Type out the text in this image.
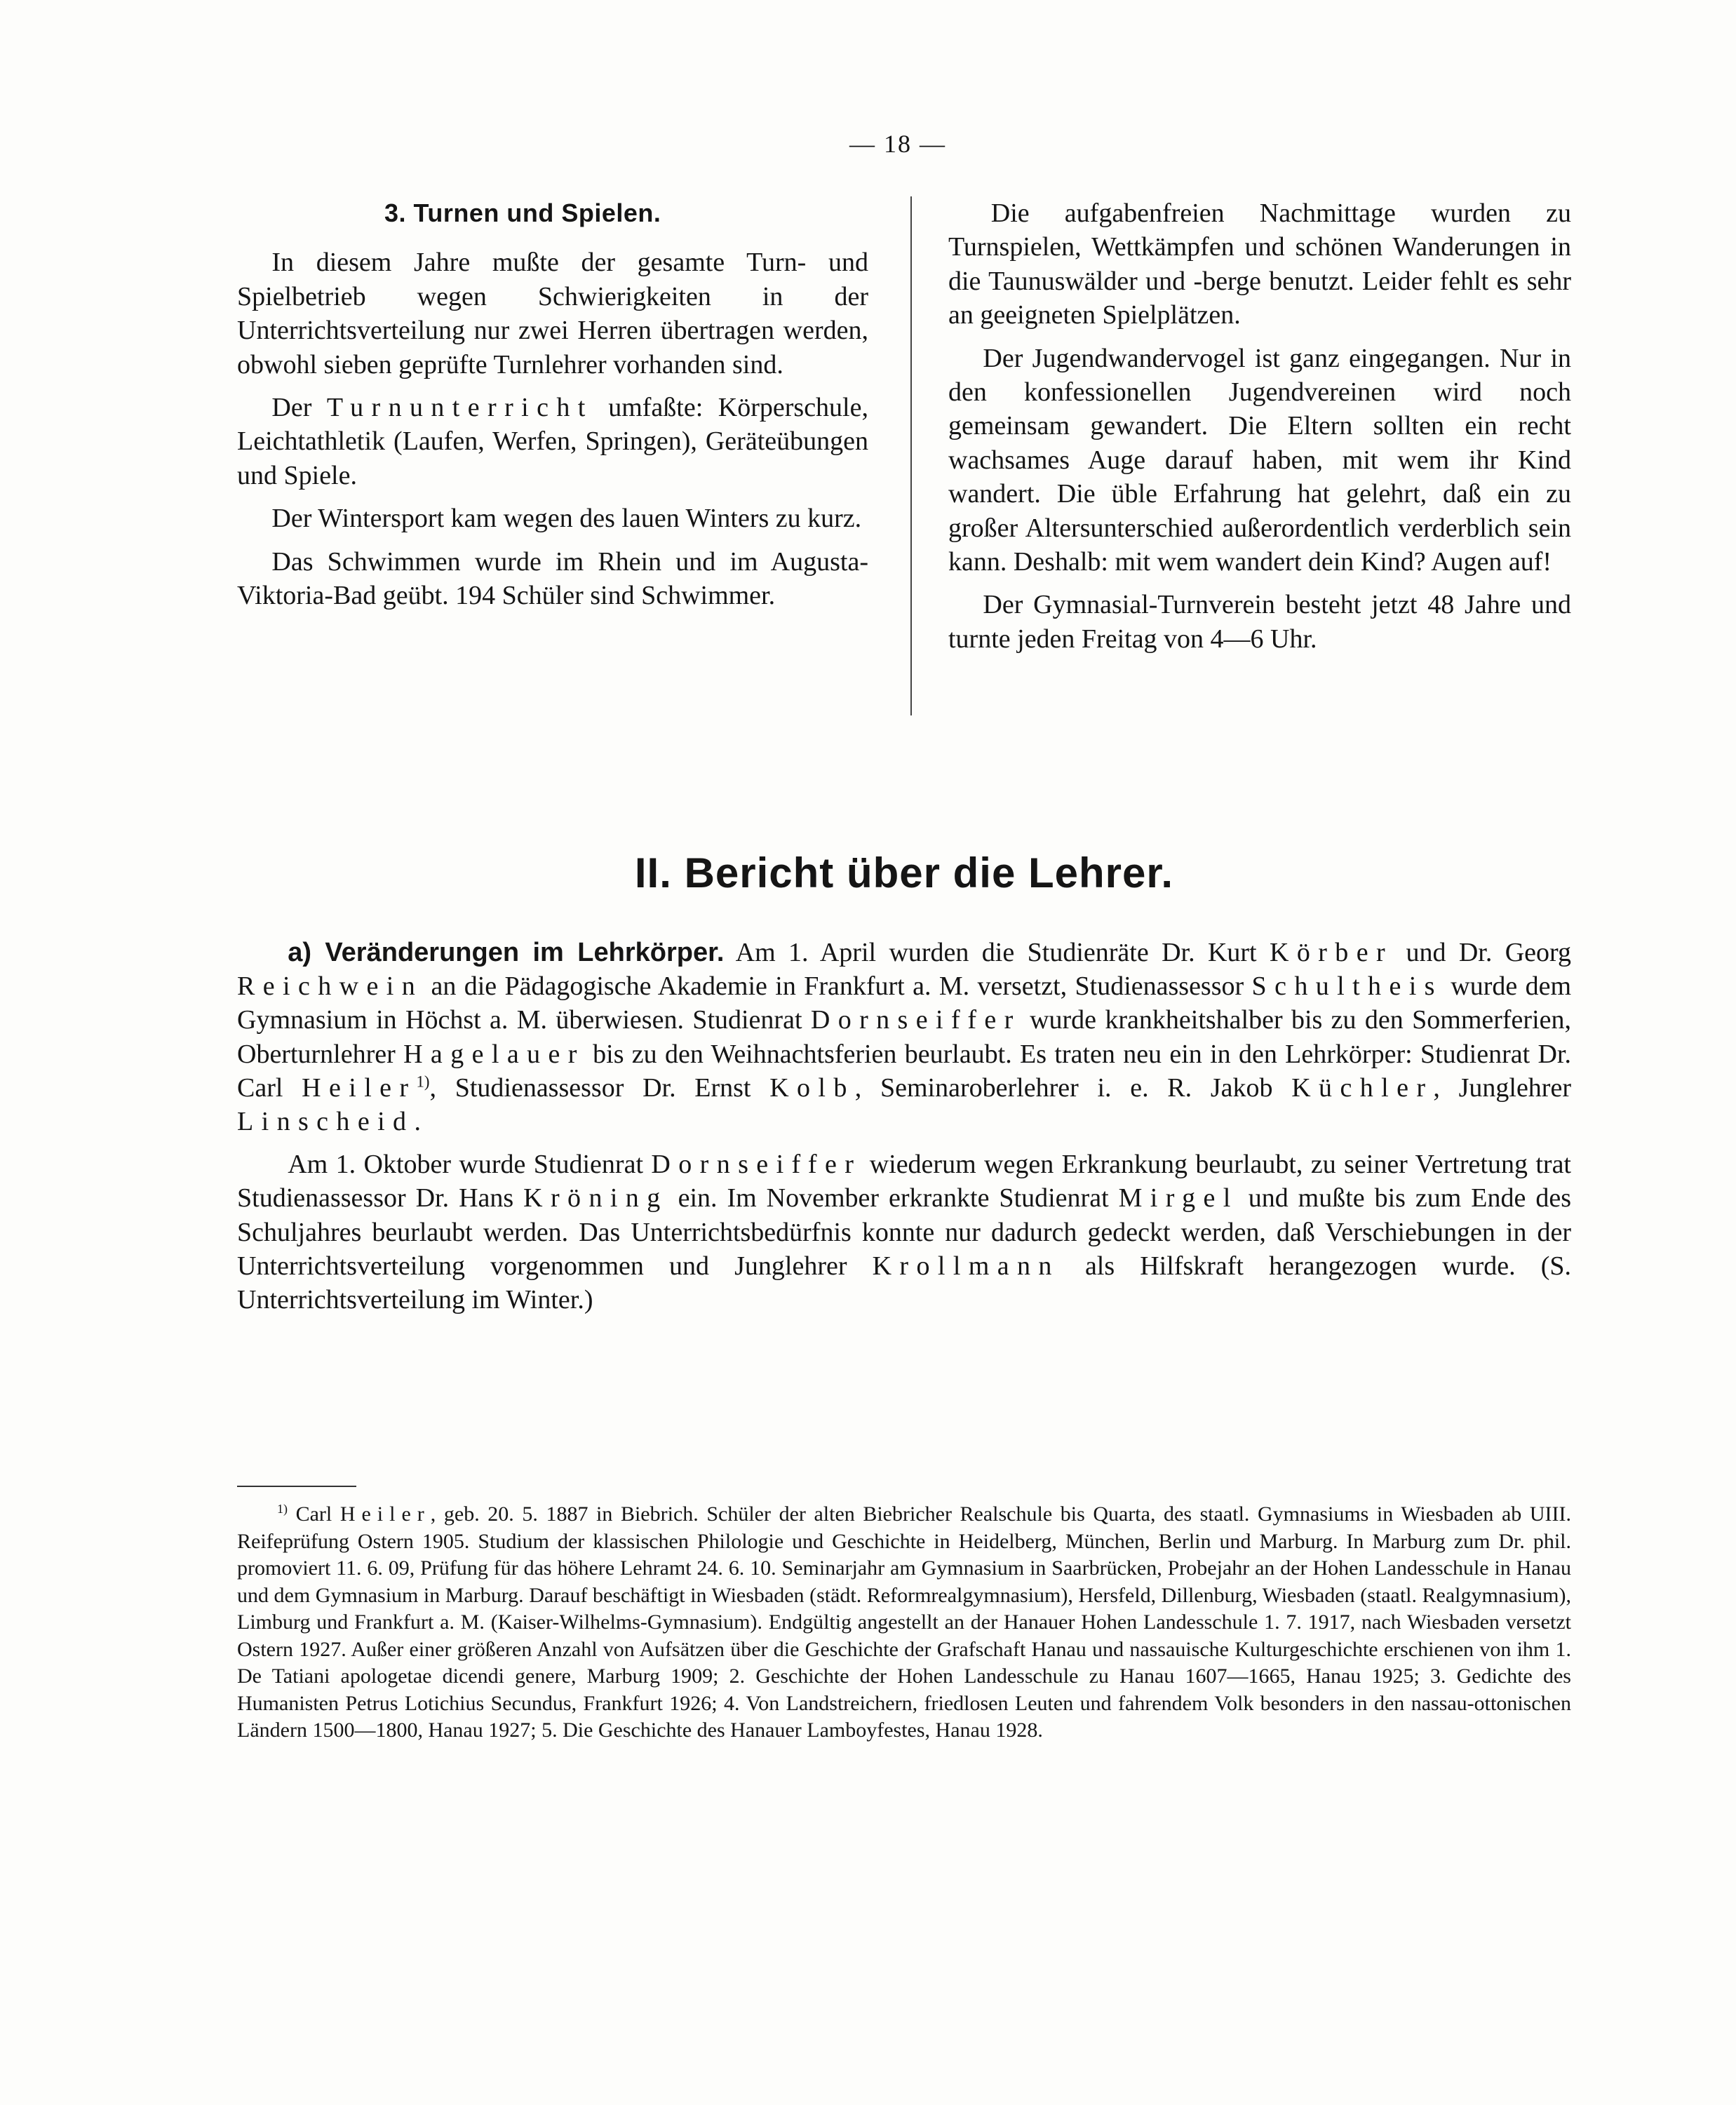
— 18 —

3. Turnen und Spielen.

In diesem Jahre mußte der gesamte Turn- und Spielbetrieb wegen Schwierigkeiten in der Unterrichtsverteilung nur zwei Herren übertragen werden, obwohl sieben geprüfte Turnlehrer vorhanden sind.

Der Turnunterricht umfaßte: Körperschule, Leichtathletik (Laufen, Werfen, Springen), Geräteübungen und Spiele.

Der Wintersport kam wegen des lauen Winters zu kurz.

Das Schwimmen wurde im Rhein und im Augusta-Viktoria-Bad geübt. 194 Schüler sind Schwimmer.

Die aufgabenfreien Nachmittage wurden zu Turnspielen, Wettkämpfen und schönen Wanderungen in die Taunuswälder und -berge benutzt. Leider fehlt es sehr an geeigneten Spielplätzen.

Der Jugendwandervogel ist ganz eingegangen. Nur in den konfessionellen Jugendvereinen wird noch gemeinsam gewandert. Die Eltern sollten ein recht wachsames Auge darauf haben, mit wem ihr Kind wandert. Die üble Erfahrung hat gelehrt, daß ein zu großer Altersunterschied außerordentlich verderblich sein kann. Deshalb: mit wem wandert dein Kind? Augen auf!

Der Gymnasial-Turnverein besteht jetzt 48 Jahre und turnte jeden Freitag von 4—6 Uhr.

II. Bericht über die Lehrer.

a) Veränderungen im Lehrkörper. Am 1. April wurden die Studienräte Dr. Kurt Körber und Dr. Georg Reichwein an die Pädagogische Akademie in Frankfurt a. M. versetzt, Studienassessor Schultheis wurde dem Gymnasium in Höchst a. M. überwiesen. Studienrat Dornseiffer wurde krankheitshalber bis zu den Sommerferien, Oberturnlehrer Hagelauer bis zu den Weihnachtsferien beurlaubt. Es traten neu ein in den Lehrkörper: Studienrat Dr. Carl Heiler$^{1)}$, Studienassessor Dr. Ernst Kolb, Seminaroberlehrer i. e. R. Jakob Küchler, Junglehrer Linscheid.

Am 1. Oktober wurde Studienrat Dornseiffer wiederum wegen Erkrankung beurlaubt, zu seiner Vertretung trat Studienassessor Dr. Hans Kröning ein. Im November erkrankte Studienrat Mirgel und mußte bis zum Ende des Schuljahres beurlaubt werden. Das Unterrichtsbedürfnis konnte nur dadurch gedeckt werden, daß Verschiebungen in der Unterrichtsverteilung vorgenommen und Junglehrer Krollmann als Hilfskraft herangezogen wurde. (S. Unterrichtsverteilung im Winter.)

$^{1)}$ Carl Heiler, geb. 20. 5. 1887 in Biebrich. Schüler der alten Biebricher Realschule bis Quarta, des staatl. Gymnasiums in Wiesbaden ab UIII. Reifeprüfung Ostern 1905. Studium der klassischen Philologie und Geschichte in Heidelberg, München, Berlin und Marburg. In Marburg zum Dr. phil. promoviert 11. 6. 09, Prüfung für das höhere Lehramt 24. 6. 10. Seminarjahr am Gymnasium in Saarbrücken, Probejahr an der Hohen Landesschule in Hanau und dem Gymnasium in Marburg. Darauf beschäftigt in Wiesbaden (städt. Reformrealgymnasium), Hersfeld, Dillenburg, Wiesbaden (staatl. Realgymnasium), Limburg und Frankfurt a. M. (Kaiser-Wilhelms-Gymnasium). Endgültig angestellt an der Hanauer Hohen Landesschule 1. 7. 1917, nach Wiesbaden versetzt Ostern 1927. Außer einer größeren Anzahl von Aufsätzen über die Geschichte der Grafschaft Hanau und nassauische Kulturgeschichte erschienen von ihm 1. De Tatiani apologetae dicendi genere, Marburg 1909; 2. Geschichte der Hohen Landesschule zu Hanau 1607—1665, Hanau 1925; 3. Gedichte des Humanisten Petrus Lotichius Secundus, Frankfurt 1926; 4. Von Landstreichern, friedlosen Leuten und fahrendem Volk besonders in den nassau-ottonischen Ländern 1500—1800, Hanau 1927; 5. Die Geschichte des Hanauer Lamboyfestes, Hanau 1928.
